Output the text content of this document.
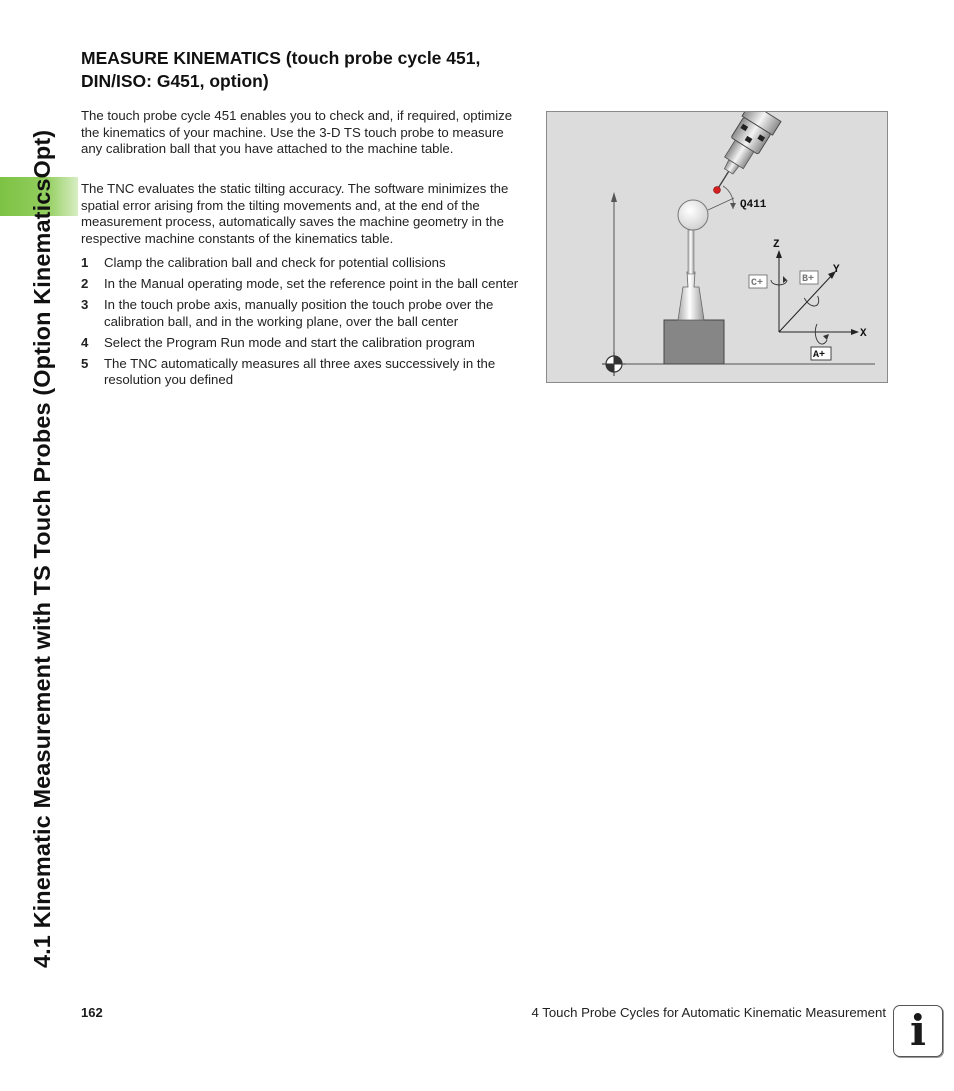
4.1 Kinematic Measurement with TS Touch Probes (Option KinematicsOpt)
MEASURE KINEMATICS (touch probe cycle 451, DIN/ISO: G451, option)

The touch probe cycle 451 enables you to check and, if required, optimize the kinematics of your machine. Use the 3-D TS touch probe to measure any calibration ball that you have attached to the machine table.

The TNC evaluates the static tilting accuracy. The software minimizes the spatial error arising from the tilting movements and, at the end of the measurement process, automatically saves the machine geometry in the respective machine constants of the kinematics table.

1 Clamp the calibration ball and check for potential collisions
2 In the Manual operating mode, set the reference point in the ball center
3 In the touch probe axis, manually position the touch probe over the calibration ball, and in the working plane, over the ball center
4 Select the Program Run mode and start the calibration program
5 The TNC automatically measures all three axes successively in the resolution you defined
Q411
Z
Y
X
C+	B+
A+
162	4 Touch Probe Cycles for Automatic Kinematic Measurement i
